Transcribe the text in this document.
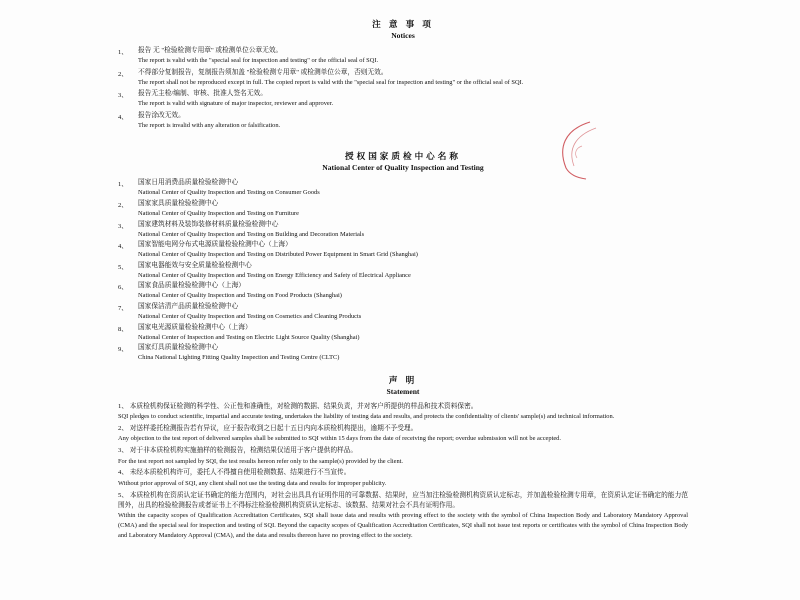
注 意 事 项
Notices
1、	报告 无 "检验检测专用章" 或检测单位公章无效。
The report is valid with the "special seal for inspection and testing" or the official seal of SQI.
2、	不得部分复制报告，复制报告须加盖 "检验检测专用章" 或检测单位公章，否则无效。
The report shall not be reproduced except in full. The copied report is valid with the "special seal for inspection and testing" or the official seal of SQI.
3、	报告无主检/编制、审核、批准人签名无效。
The report is valid with signature of major inspector, reviewer and approver.
4、	报告涂改无效。
The report is invalid with any alteration or falsification.
授权国家质检中心名称
National Center of Quality Inspection and Testing
1、	国家日用消费品质量检验检测中心
National Center of Quality Inspection and Testing on Consumer Goods
2、	国家家具质量检验检测中心
National Center of Quality Inspection and Testing on Furniture
3、	国家建筑材料及装饰装修材料质量检验检测中心
National Center of Quality Inspection and Testing on Building and Decoration Materials
4、	国家智能电网分布式电源质量检验检测中心（上海）
National Center of Quality Inspection and Testing on Distributed Power Equipment in Smart Grid (Shanghai)
5、	国家电器能效与安全质量检验检测中心
National Center of Quality Inspection and Testing on Energy Efficiency and Safety of Electrical Appliance
6、	国家食品质量检验检测中心（上海）
National Center of Quality Inspection and Testing on Food Products (Shanghai)
7、	国家保洁清产品质量检验检测中心
National Center of Quality Inspection and Testing on Cosmetics and Cleaning Products
8、	国家电光源质量检验检测中心（上海）
National Center of Inspection and Testing on Electric Light Source Quality (Shanghai)
9、	国家灯具质量检验检测中心
China National Lighting Fitting Quality Inspection and Testing Centre (CLTC)
声 明
Statement
1、 本质检机构保证检测的科学性、公正性和准确性，对检测的数据、结果负责，并对客户所提供的样品和技术资料保密。
SQI pledges to conduct scientific, impartial and accurate testing, undertakes the liability of testing data and results, and protects the confidentiality of clients' sample(s) and technical information.
2、 对送样委托检测报告若有异议，应于报告收到之日起十五日内向本质检机构提出，逾期不予受理。
Any objection to the test report of delivered samples shall be submitted to SQI within 15 days from the date of receiving the report; overdue submission will not be accepted.
3、 对于非本质检机构实施抽样的检测报告，检测结果仅适用于客户提供的样品。
For the test report not sampled by SQI, the test results hereon refer only to the sample(s) provided by the client.
4、 未经本质检机构许可，委托人不得擅自使用检测数据、结果进行不当宣传。
Without prior approval of SQI, any client shall not use the testing data and results for improper publicity.
5、 本质检机构在资质认定证书确定的能力范围内，对社会出具具有证明作用的可靠数据、结果时，应当加注检验检测机构资质认定标志，并加盖检验检测专用章，在资质认定证书确定的能力范围外，出具的检验检测报告或者证书上不得标注检验检测机构资质认定标志、该数据、结果对社会不具有证明作用。
Within the capacity scopes of Qualification Accreditation Certificates, SQI shall issue data and results with proving effect to the society with the symbol of China Inspection Body and Laboratory Mandatory Approval (CMA) and the special seal for inspection and testing of SQI. Beyond the capacity scopes of Qualification Accreditation Certificates, SQI shall not issue test reports or certificates with the symbol of China Inspection Body and Laboratory Mandatory Approval (CMA), and the data and results thereon have no proving effect to the society.
